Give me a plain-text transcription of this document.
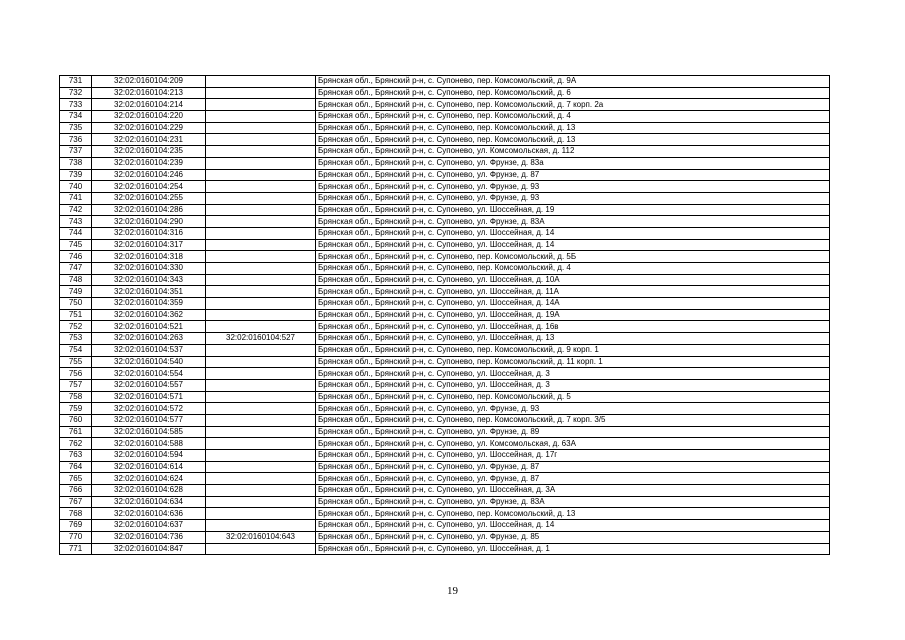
731	32:02:0160104:209		Брянская обл., Брянский р-н, с. Супонево, пер. Комсомольский, д. 9А
732	32:02:0160104:213		Брянская обл., Брянский р-н, с. Супонево, пер. Комсомольский, д. 6
733	32:02:0160104:214		Брянская обл., Брянский р-н, с. Супонево, пер. Комсомольский, д. 7 корп. 2а
734	32:02:0160104:220		Брянская обл., Брянский р-н, с. Супонево, пер. Комсомольский, д. 4
735	32:02:0160104:229		Брянская обл., Брянский р-н, с. Супонево, пер. Комсомольский, д. 13
736	32:02:0160104:231		Брянская обл., Брянский р-н, с. Супонево, пер. Комсомольский, д. 13
737	32:02:0160104:235		Брянская обл., Брянский р-н, с. Супонево, ул. Комсомольская, д. 112
738	32:02:0160104:239		Брянская обл., Брянский р-н, с. Супонево, ул. Фрунзе, д. 83а
739	32:02:0160104:246		Брянская обл., Брянский р-н, с. Супонево, ул. Фрунзе, д. 87
740	32:02:0160104:254		Брянская обл., Брянский р-н, с. Супонево, ул. Фрунзе, д. 93
741	32:02:0160104:255		Брянская обл., Брянский р-н, с. Супонево, ул. Фрунзе, д. 93
742	32:02:0160104:286		Брянская обл., Брянский р-н, с. Супонево, ул. Шоссейная, д. 19
743	32:02:0160104:290		Брянская обл., Брянский р-н, с. Супонево, ул. Фрунзе, д. 83А
744	32:02:0160104:316		Брянская обл., Брянский р-н, с. Супонево, ул. Шоссейная, д. 14
745	32:02:0160104:317		Брянская обл., Брянский р-н, с. Супонево, ул. Шоссейная, д. 14
746	32:02:0160104:318		Брянская обл., Брянский р-н, с. Супонево, пер. Комсомольский, д. 5Б
747	32:02:0160104:330		Брянская обл., Брянский р-н, с. Супонево, пер. Комсомольский, д. 4
748	32:02:0160104:343		Брянская обл., Брянский р-н, с. Супонево, ул. Шоссейная, д. 10А
749	32:02:0160104:351		Брянская обл., Брянский р-н, с. Супонево, ул. Шоссейная, д. 11А
750	32:02:0160104:359		Брянская обл., Брянский р-н, с. Супонево, ул. Шоссейная, д. 14А
751	32:02:0160104:362		Брянская обл., Брянский р-н, с. Супонево, ул. Шоссейная, д. 19А
752	32:02:0160104:521		Брянская обл., Брянский р-н, с. Супонево, ул. Шоссейная, д. 16в
753	32:02:0160104:263	32:02:0160104:527	Брянская обл., Брянский р-н, с. Супонево, ул. Шоссейная, д. 13
754	32:02:0160104:537		Брянская обл., Брянский р-н, с. Супонево, пер. Комсомольский, д. 9 корп. 1
755	32:02:0160104:540		Брянская обл., Брянский р-н, с. Супонево, пер. Комсомольский, д. 11 корп. 1
756	32:02:0160104:554		Брянская обл., Брянский р-н, с. Супонево, ул. Шоссейная, д. 3
757	32:02:0160104:557		Брянская обл., Брянский р-н, с. Супонево, ул. Шоссейная, д. 3
758	32:02:0160104:571		Брянская обл., Брянский р-н, с. Супонево, пер. Комсомольский, д. 5
759	32:02:0160104:572		Брянская обл., Брянский р-н, с. Супонево, ул. Фрунзе, д. 93
760	32:02:0160104:577		Брянская обл., Брянский р-н, с. Супонево, пер. Комсомольский, д. 7 корп. 3/5
761	32:02:0160104:585		Брянская обл., Брянский р-н, с. Супонево, ул. Фрунзе, д. 89
762	32:02:0160104:588		Брянская обл., Брянский р-н, с. Супонево, ул. Комсомольская, д. 63А
763	32:02:0160104:594		Брянская обл., Брянский р-н, с. Супонево, ул. Шоссейная, д. 17г
764	32:02:0160104:614		Брянская обл., Брянский р-н, с. Супонево, ул. Фрунзе, д. 87
765	32:02:0160104:624		Брянская обл., Брянский р-н, с. Супонево, ул. Фрунзе, д. 87
766	32:02:0160104:628		Брянская обл., Брянский р-н, с. Супонево, ул. Шоссейная, д. 3А
767	32:02:0160104:634		Брянская обл., Брянский р-н, с. Супонево, ул. Фрунзе, д. 83А
768	32:02:0160104:636		Брянская обл., Брянский р-н, с. Супонево, пер. Комсомольский, д. 13
769	32:02:0160104:637		Брянская обл., Брянский р-н, с. Супонево, ул. Шоссейная, д. 14
770	32:02:0160104:736	32:02:0160104:643	Брянская обл., Брянский р-н, с. Супонево, ул. Фрунзе, д. 85
771	32:02:0160104:847		Брянская обл., Брянский р-н, с. Супонево, ул. Шоссейная, д. 1
19
